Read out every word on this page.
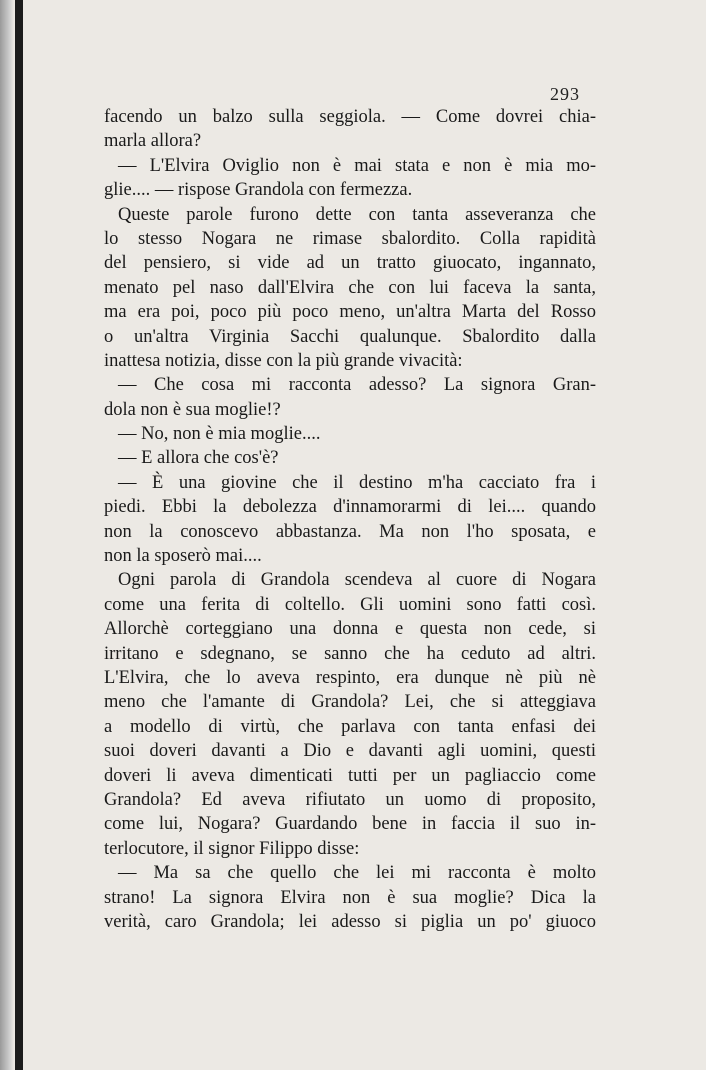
293
facendo un balzo sulla seggiola. — Come dovrei chia-
marla allora?
— L'Elvira Oviglio non è mai stata e non è mia mo-
glie.... — rispose Grandola con fermezza.
Queste parole furono dette con tanta asseveranza che
lo stesso Nogara ne rimase sbalordito. Colla rapidità
del pensiero, si vide ad un tratto giuocato, ingannato,
menato pel naso dall'Elvira che con lui faceva la santa,
ma era poi, poco più poco meno, un'altra Marta del Rosso
o un'altra Virginia Sacchi qualunque. Sbalordito dalla
inattesa notizia, disse con la più grande vivacità:
— Che cosa mi racconta adesso? La signora Gran-
dola non è sua moglie!?
— No, non è mia moglie....
— E allora che cos'è?
— È una giovine che il destino m'ha cacciato fra i
piedi. Ebbi la debolezza d'innamorarmi di lei.... quando
non la conoscevo abbastanza. Ma non l'ho sposata, e
non la sposerò mai....
Ogni parola di Grandola scendeva al cuore di Nogara
come una ferita di coltello. Gli uomini sono fatti così.
Allorchè corteggiano una donna e questa non cede, si
irritano e sdegnano, se sanno che ha ceduto ad altri.
L'Elvira, che lo aveva respinto, era dunque nè più nè
meno che l'amante di Grandola? Lei, che si atteggiava
a modello di virtù, che parlava con tanta enfasi dei
suoi doveri davanti a Dio e davanti agli uomini, questi
doveri li aveva dimenticati tutti per un pagliaccio come
Grandola? Ed aveva rifiutato un uomo di proposito,
come lui, Nogara? Guardando bene in faccia il suo in-
terlocutore, il signor Filippo disse:
— Ma sa che quello che lei mi racconta è molto
strano! La signora Elvira non è sua moglie? Dica la
verità, caro Grandola; lei adesso si piglia un po' giuoco
